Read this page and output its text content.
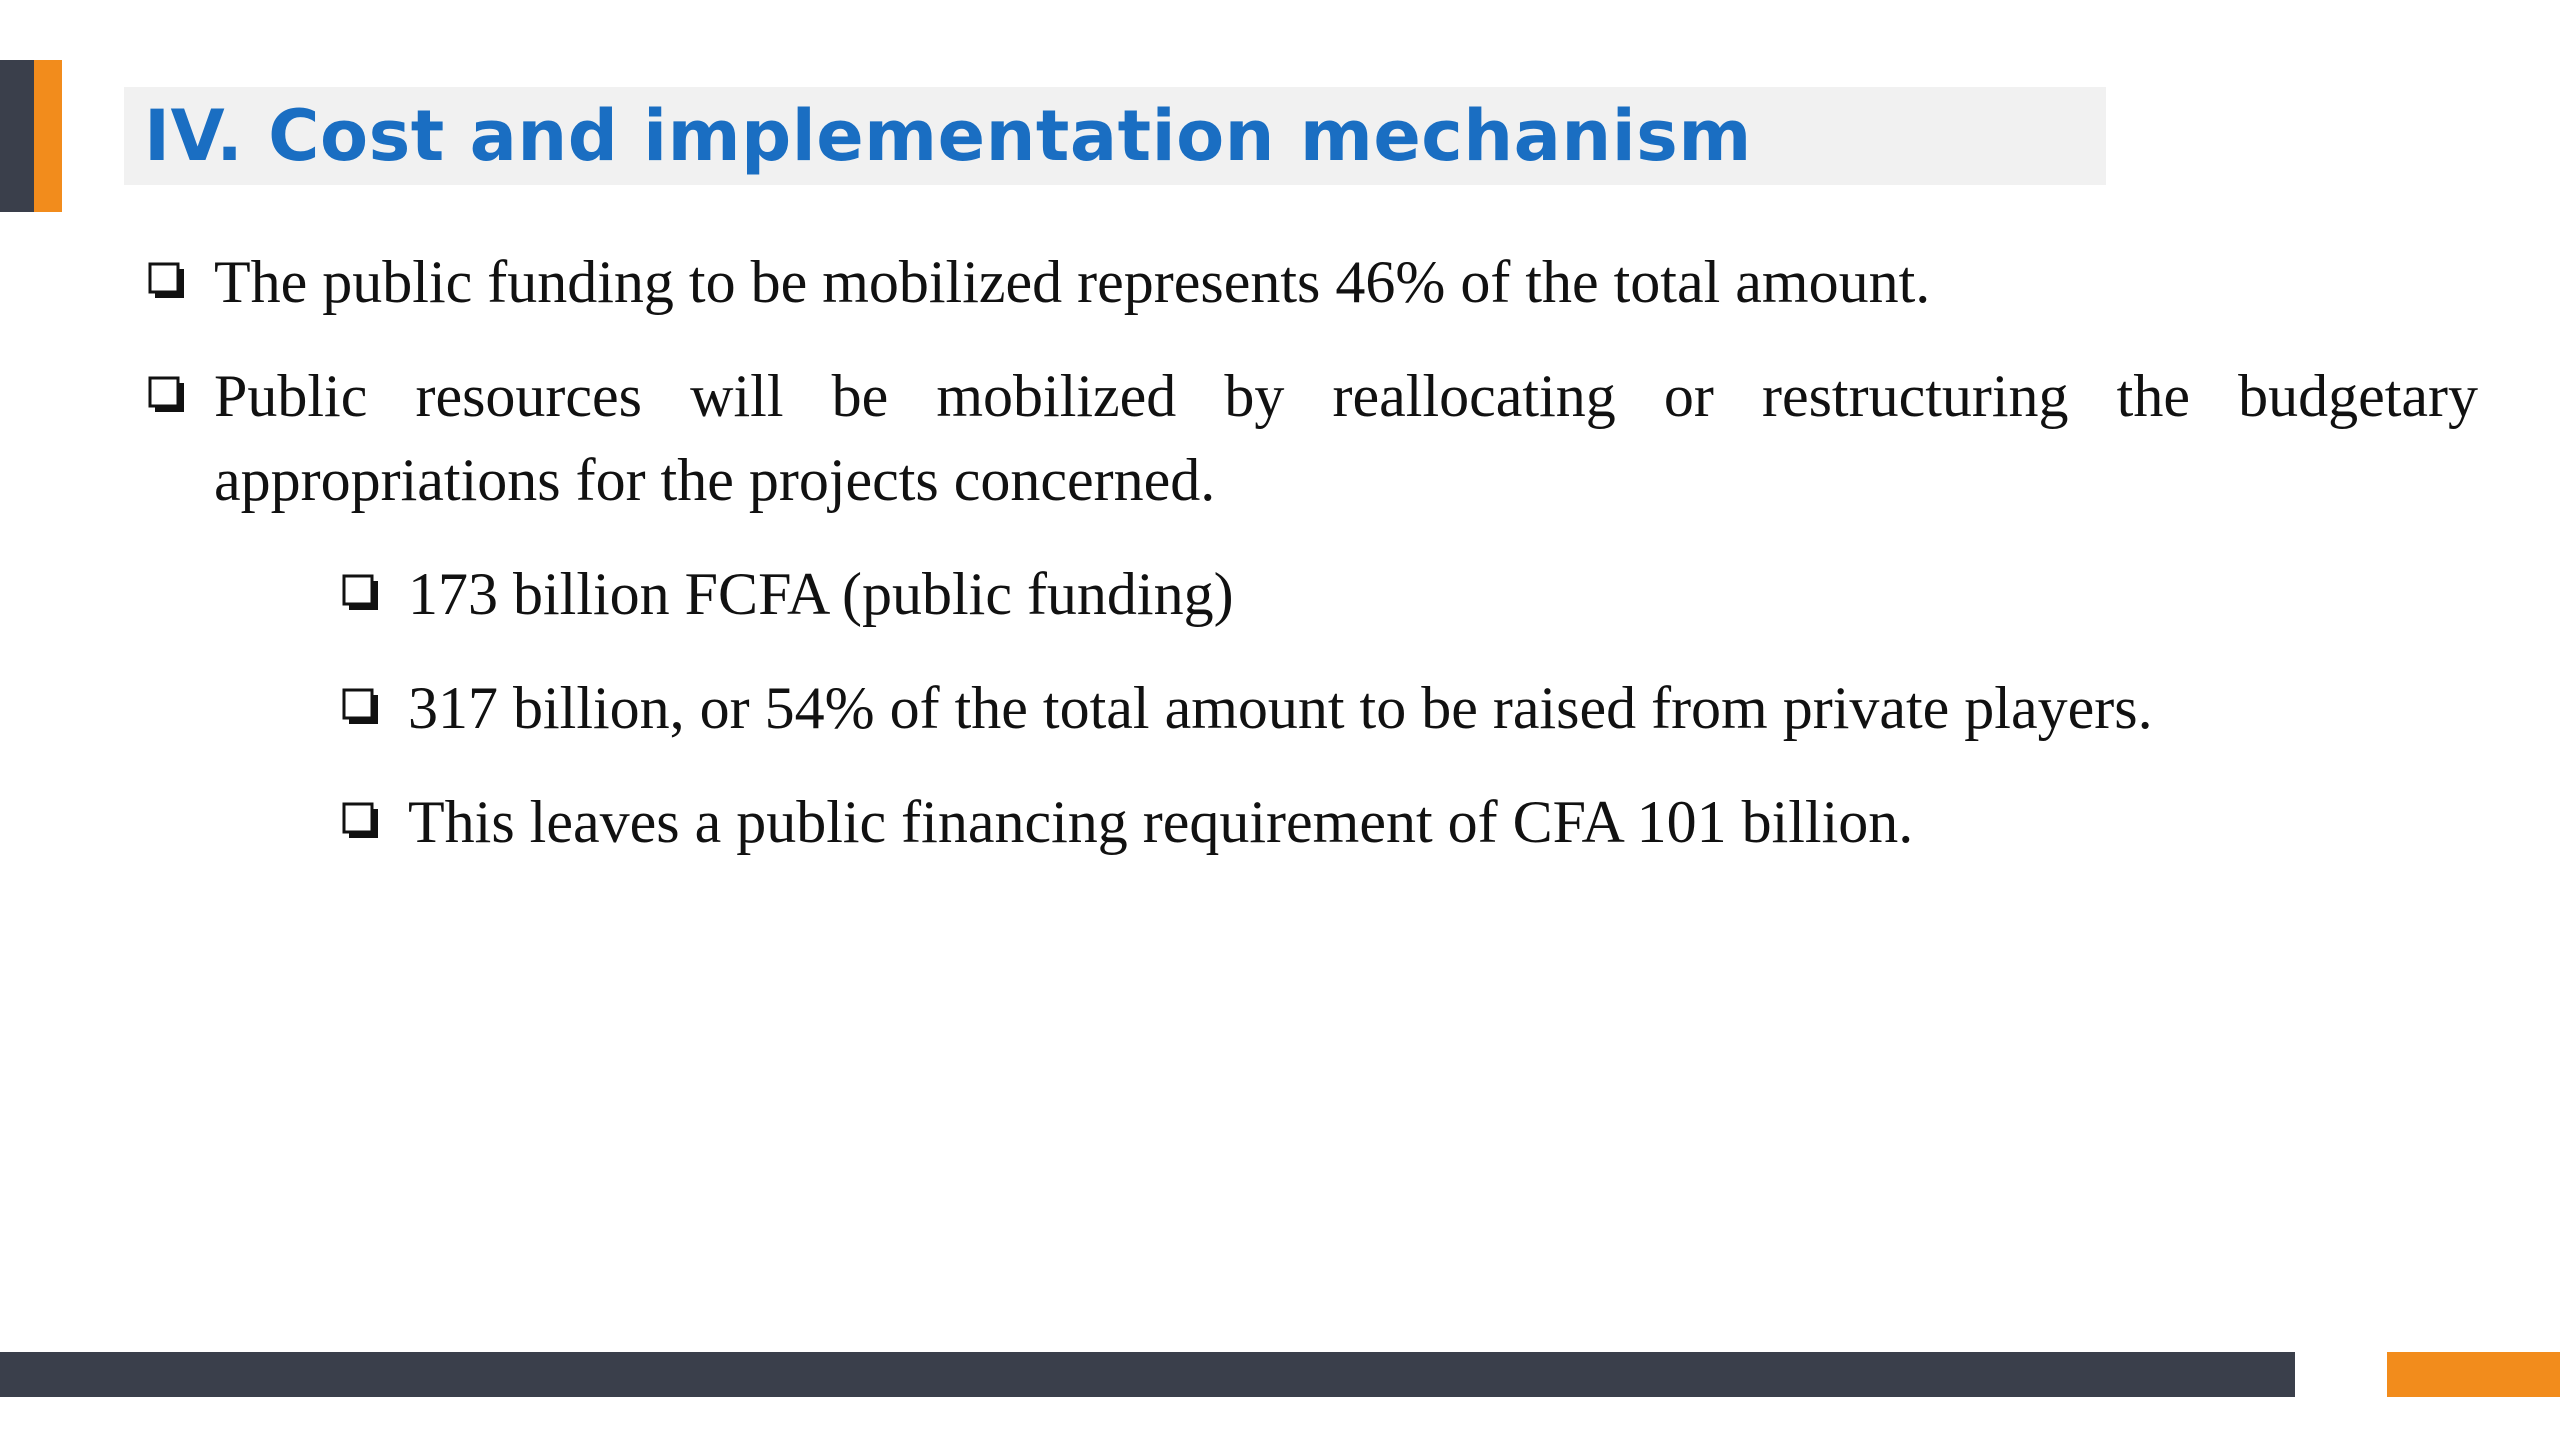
IV. Cost and implementation mechanism
The public funding to be mobilized represents 46% of the total amount.
Public resources will be mobilized by reallocating or restructuring the budgetary appropriations for the projects concerned.
173 billion FCFA (public funding)
317 billion, or 54% of the total amount to be raised from private players.
This leaves a public financing requirement of CFA 101 billion.
